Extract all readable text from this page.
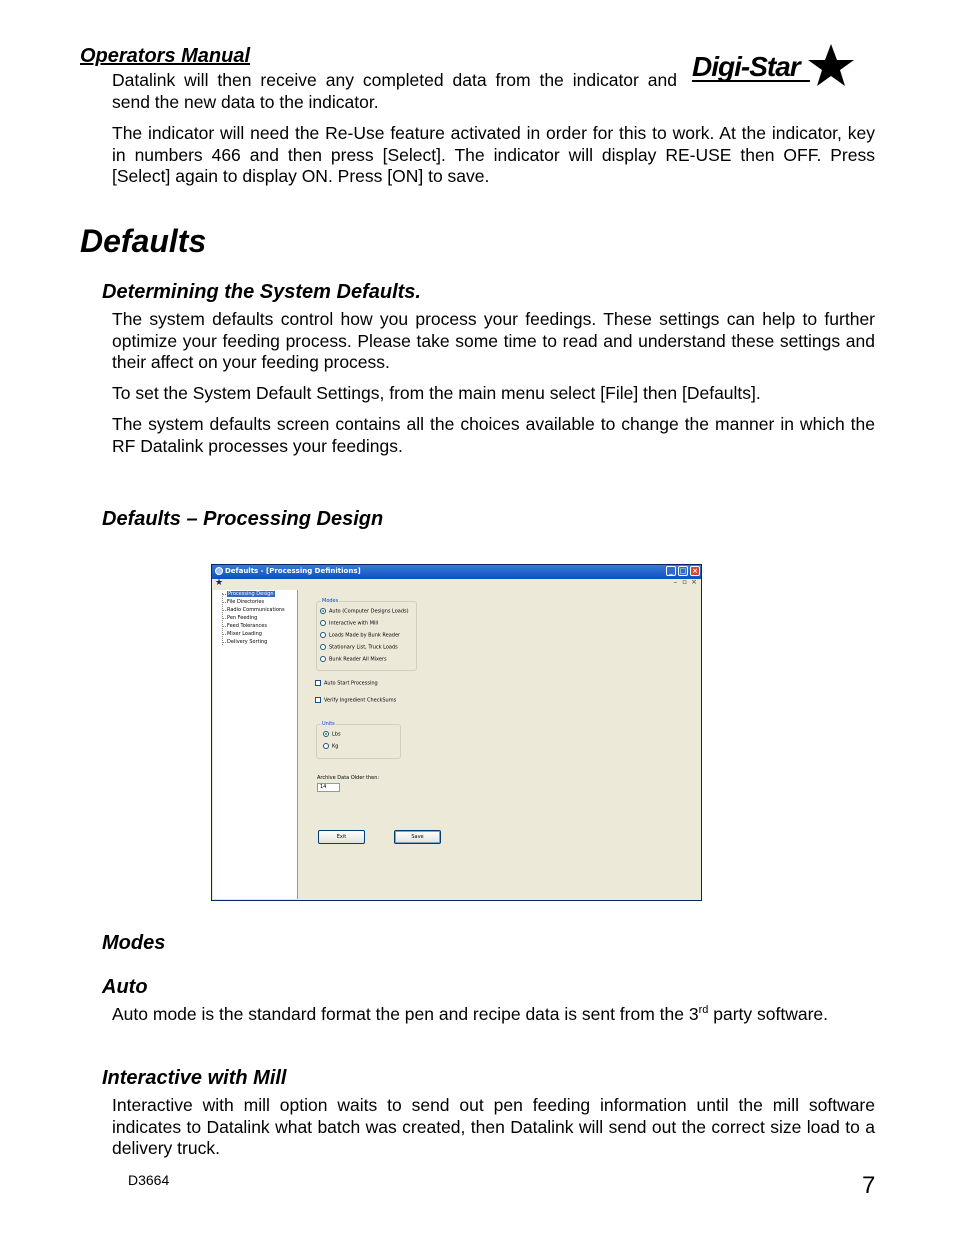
Operators Manual	Digi-Star
Datalink will then receive any completed data from the indicator and send the new data to the indicator.
The indicator will need the Re-Use feature activated in order for this to work. At the indicator, key in numbers 466 and then press [Select]. The indicator will display RE-USE then OFF. Press [Select] again to display ON. Press [ON] to save.
Defaults
Determining the System Defaults.
The system defaults control how you process your feedings. These settings can help to further optimize your feeding process. Please take some time to read and understand these settings and their affect on your feeding process.
To set the System Default Settings, from the main menu select [File] then [Defaults].
The system defaults screen contains all the choices available to change the manner in which the RF Datalink processes your feedings.
Defaults – Processing Design
Defaults - [Processing Definitions]	_ □ ×
★	– ▫ ×
Processing Design
File Directories
Radio Communications
Pen Feeding
Feed Tolerances
Mixer Loading
Delivery Sorting
Modes
Auto (Computer Designs Loads)
Interactive with Mill
Loads Made by Bunk Reader
Stationary List, Truck Loads
Bunk Reader All Mixers
Auto Start Processing
Verify Ingredient CheckSums
Units
Lbs
Kg
Archive Data Older then:
14
Exit	Save
Modes
Auto
Auto mode is the standard format the pen and recipe data is sent from the 3rd party software.
Interactive with Mill
Interactive with mill option waits to send out pen feeding information until the mill software indicates to Datalink what batch was created, then Datalink will send out the correct size load to a delivery truck.
D3664	7
